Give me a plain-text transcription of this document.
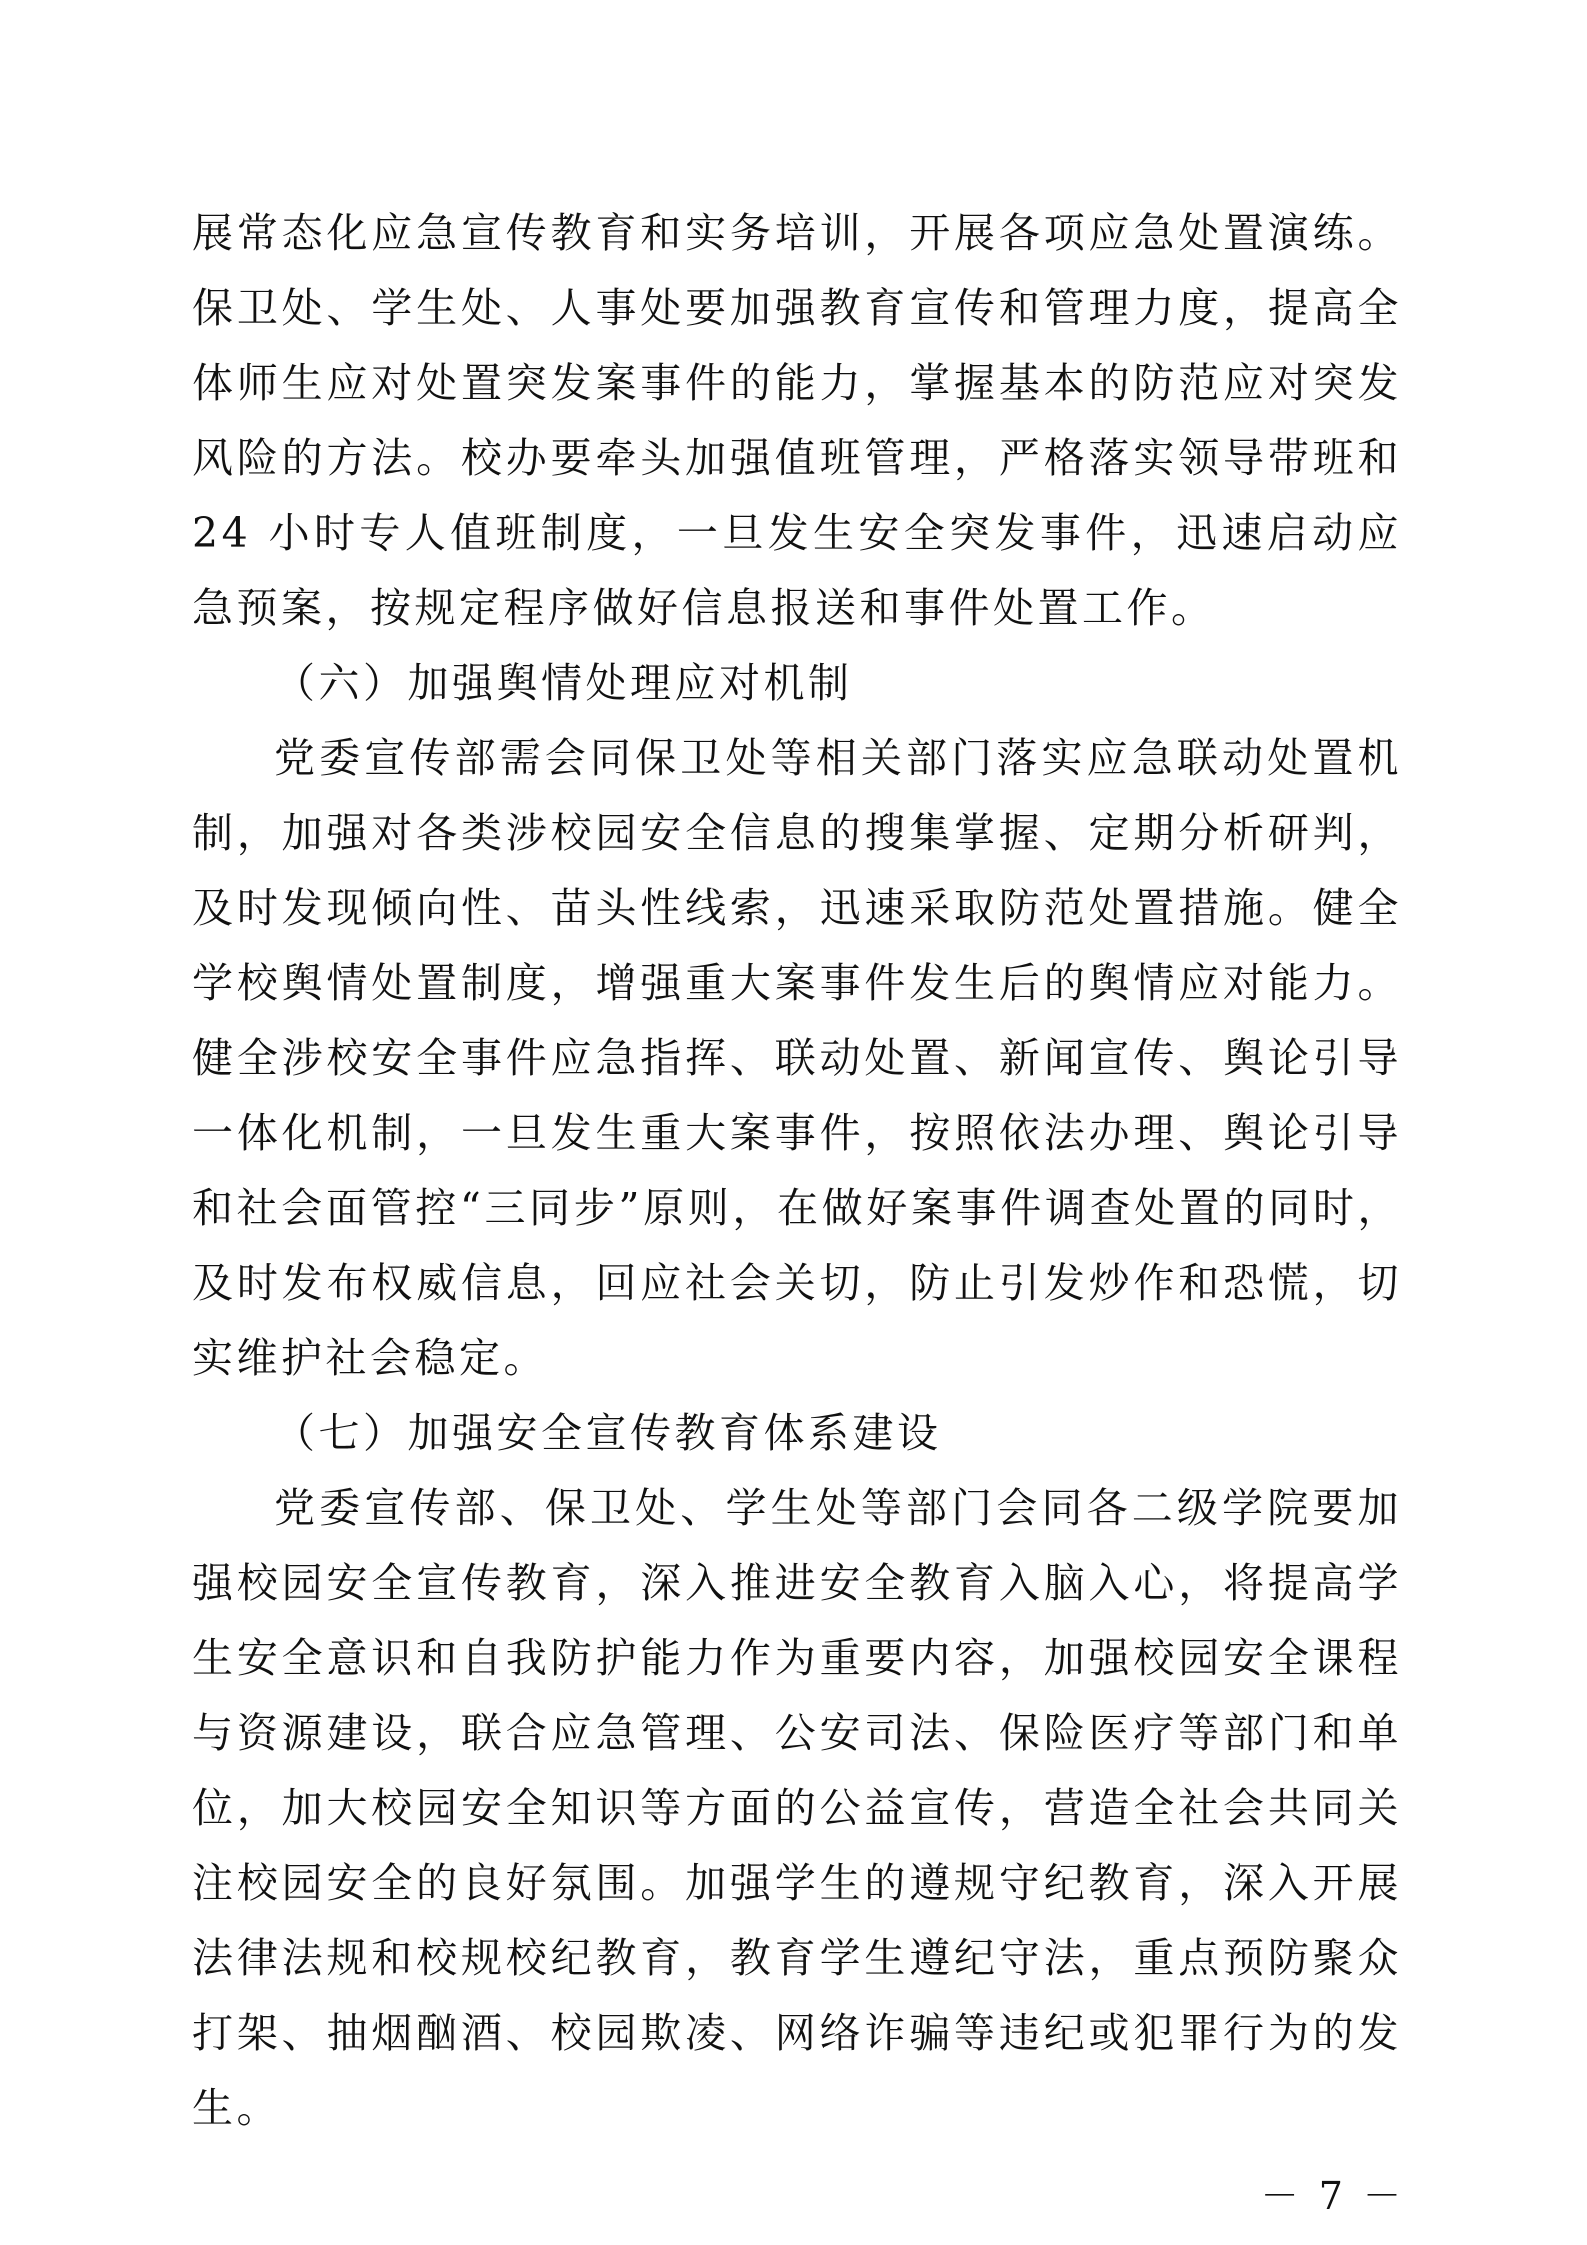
展常态化应急宣传教育和实务培训，开展各项应急处置演练。保卫处、学生处、人事处要加强教育宣传和管理力度，提高全体师生应对处置突发案事件的能力，掌握基本的防范应对突发风险的方法。校办要牵头加强值班管理，严格落实领导带班和 24 小时专人值班制度，一旦发生安全突发事件，迅速启动应急预案，按规定程序做好信息报送和事件处置工作。

（六）加强舆情处理应对机制

党委宣传部需会同保卫处等相关部门落实应急联动处置机制，加强对各类涉校园安全信息的搜集掌握、定期分析研判，及时发现倾向性、苗头性线索，迅速采取防范处置措施。健全学校舆情处置制度，增强重大案事件发生后的舆情应对能力。健全涉校安全事件应急指挥、联动处置、新闻宣传、舆论引导一体化机制，一旦发生重大案事件，按照依法办理、舆论引导和社会面管控“三同步”原则，在做好案事件调查处置的同时，及时发布权威信息，回应社会关切，防止引发炒作和恐慌，切实维护社会稳定。

（七）加强安全宣传教育体系建设

党委宣传部、保卫处、学生处等部门会同各二级学院要加强校园安全宣传教育，深入推进安全教育入脑入心，将提高学生安全意识和自我防护能力作为重要内容，加强校园安全课程与资源建设，联合应急管理、公安司法、保险医疗等部门和单位，加大校园安全知识等方面的公益宣传，营造全社会共同关注校园安全的良好氛围。加强学生的遵规守纪教育，深入开展法律法规和校规校纪教育，教育学生遵纪守法，重点预防聚众打架、抽烟酗酒、校园欺凌、网络诈骗等违纪或犯罪行为的发生。

－ 7 －
